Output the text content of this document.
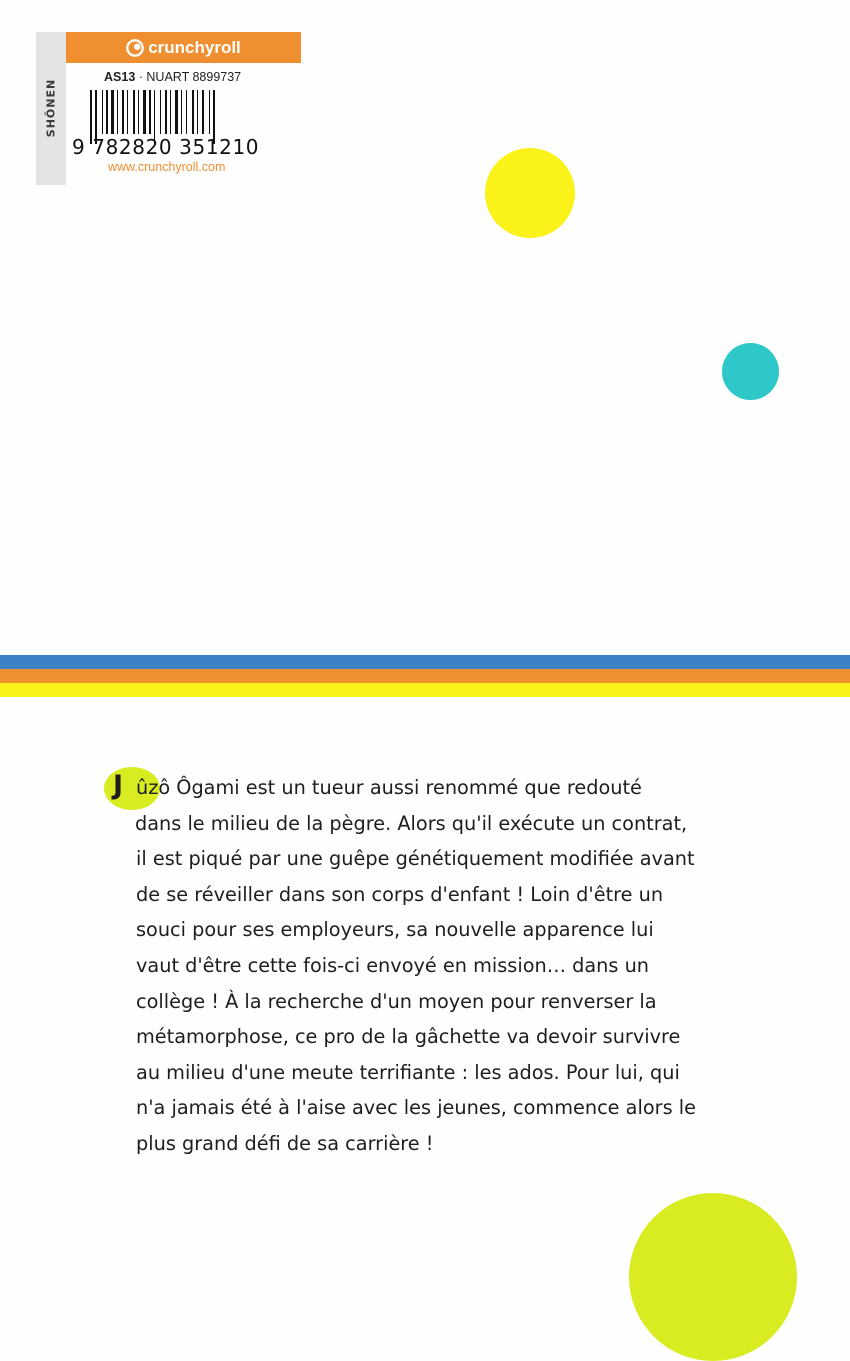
SHÔNEN
crunchyroll
AS13 · NUART 8899737
9 782820 351210
www.crunchyroll.com
J ûzô Ôgami est un tueur aussi renommé que redouté
dans le milieu de la pègre. Alors qu'il exécute un contrat,
il est piqué par une guêpe génétiquement modifiée avant
de se réveiller dans son corps d'enfant ! Loin d'être un
souci pour ses employeurs, sa nouvelle apparence lui
vaut d'être cette fois-ci envoyé en mission… dans un
collège ! À la recherche d'un moyen pour renverser la
métamorphose, ce pro de la gâchette va devoir survivre
au milieu d'une meute terrifiante : les ados. Pour lui, qui
n'a jamais été à l'aise avec les jeunes, commence alors le
plus grand défi de sa carrière !
